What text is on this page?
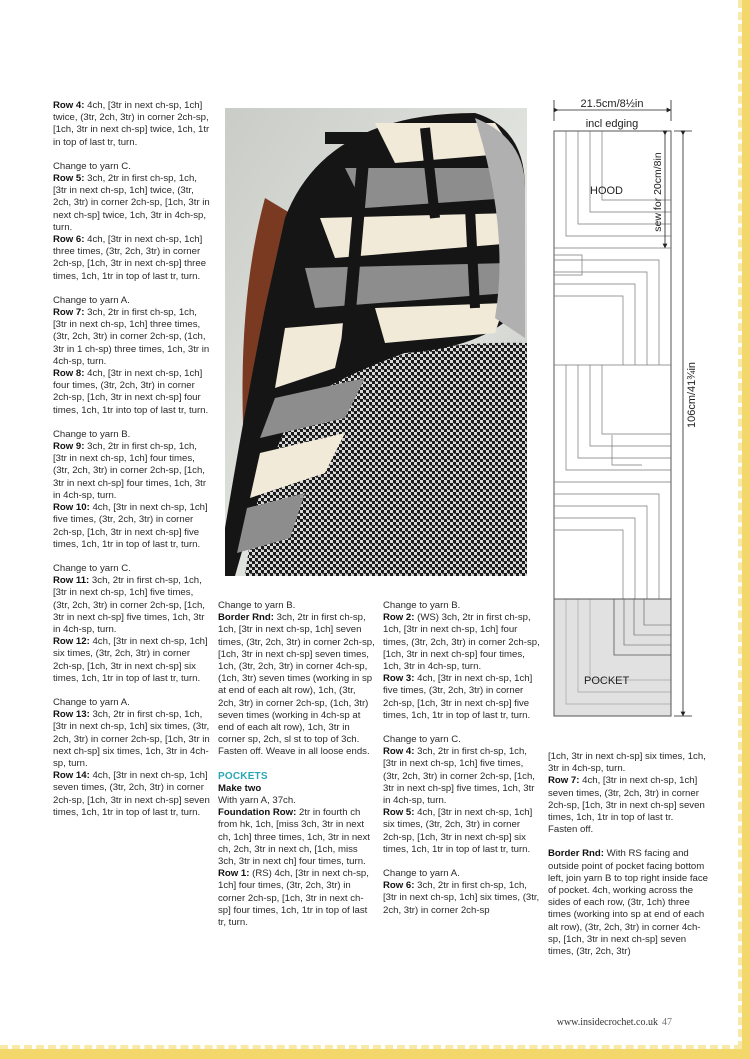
Row 4: 4ch, [3tr in next ch-sp, 1ch] twice, (3tr, 2ch, 3tr) in corner 2ch-sp, [1ch, 3tr in next ch-sp] twice, 1ch, 1tr in top of last tr, turn.

Change to yarn C.
Row 5: 3ch, 2tr in first ch-sp, 1ch, [3tr in next ch-sp, 1ch] twice, (3tr, 2ch, 3tr) in corner 2ch-sp, [1ch, 3tr in next ch-sp] twice, 1ch, 3tr in 4ch-sp, turn.
Row 6: 4ch, [3tr in next ch-sp, 1ch] three times, (3tr, 2ch, 3tr) in corner 2ch-sp, [1ch, 3tr in next ch-sp] three times, 1ch, 1tr in top of last tr, turn.

Change to yarn A.
Row 7: 3ch, 2tr in first ch-sp, 1ch, [3tr in next ch-sp, 1ch] three times, (3tr, 2ch, 3tr) in corner 2ch-sp, (1ch, 3tr in 1 ch-sp) three times, 1ch, 3tr in 4ch-sp, turn.
Row 8: 4ch, [3tr in next ch-sp, 1ch] four times, (3tr, 2ch, 3tr) in corner 2ch-sp, [1ch, 3tr in next ch-sp] four times, 1ch, 1tr into top of last tr, turn.

Change to yarn B.
Row 9: 3ch, 2tr in first ch-sp, 1ch, [3tr in next ch-sp, 1ch] four times, (3tr, 2ch, 3tr) in corner 2ch-sp, [1ch, 3tr in next ch-sp] four times, 1ch, 3tr in 4ch-sp, turn.
Row 10: 4ch, [3tr in next ch-sp, 1ch] five times, (3tr, 2ch, 3tr) in corner 2ch-sp, [1ch, 3tr in next ch-sp] five times, 1ch, 1tr in top of last tr, turn.

Change to yarn C.
Row 11: 3ch, 2tr in first ch-sp, 1ch, [3tr in next ch-sp, 1ch] five times, (3tr, 2ch, 3tr) in corner 2ch-sp, [1ch, 3tr in next ch-sp] five times, 1ch, 3tr in 4ch-sp, turn.
Row 12: 4ch, [3tr in next ch-sp, 1ch] six times, (3tr, 2ch, 3tr) in corner 2ch-sp, [1ch, 3tr in next ch-sp] six times, 1ch, 1tr in top of last tr, turn.

Change to yarn A.
Row 13: 3ch, 2tr in first ch-sp, 1ch, [3tr in next ch-sp, 1ch] six times, (3tr, 2ch, 3tr) in corner 2ch-sp, [1ch, 3tr in next ch-sp] six times, 1ch, 3tr in 4ch-sp, turn.
Row 14: 4ch, [3tr in next ch-sp, 1ch] seven times, (3tr, 2ch, 3tr) in corner 2ch-sp, [1ch, 3tr in next ch-sp] seven times, 1ch, 1tr in top of last tr, turn.

Change to yarn B.
Border Rnd: 3ch, 2tr in first ch-sp, 1ch, [3tr in next ch-sp, 1ch] seven times, (3tr, 2ch, 3tr) in corner 2ch-sp, [1ch, 3tr in next ch-sp] seven times, 1ch, (3tr, 2ch, 3tr) in corner 4ch-sp, (1ch, 3tr) seven times (working in sp at end of each alt row), 1ch, (3tr, 2ch, 3tr) in corner 2ch-sp, (1ch, 3tr) seven times (working in 4ch-sp at end of each alt row), 1ch, 3tr in corner sp, 2ch, sl st to top of 3ch.
Fasten off. Weave in all loose ends.

POCKETS
Make two
With yarn A, 37ch.
Foundation Row: 2tr in fourth ch from hk, 1ch, [miss 3ch, 3tr in next ch, 1ch] three times, 1ch, 3tr in next ch, 2ch, 3tr in next ch, [1ch, miss 3ch, 3tr in next ch] four times, turn.
Row 1: (RS) 4ch, [3tr in next ch-sp, 1ch] four times, (3tr, 2ch, 3tr) in corner 2ch-sp, [1ch, 3tr in next ch-sp] four times, 1ch, 1tr in top of last tr, turn.

Change to yarn B.
Row 2: (WS) 3ch, 2tr in first ch-sp, 1ch, [3tr in next ch-sp, 1ch] four times, (3tr, 2ch, 3tr) in corner 2ch-sp, [1ch, 3tr in next ch-sp] four times, 1ch, 3tr in 4ch-sp, turn.
Row 3: 4ch, [3tr in next ch-sp, 1ch] five times, (3tr, 2ch, 3tr) in corner 2ch-sp, [1ch, 3tr in next ch-sp] five times, 1ch, 1tr in top of last tr, turn.

Change to yarn C.
Row 4: 3ch, 2tr in first ch-sp, 1ch, [3tr in next ch-sp, 1ch] five times, (3tr, 2ch, 3tr) in corner 2ch-sp, [1ch, 3tr in next ch-sp] five times, 1ch, 3tr in 4ch-sp, turn.
Row 5: 4ch, [3tr in next ch-sp, 1ch] six times, (3tr, 2ch, 3tr) in corner 2ch-sp, [1ch, 3tr in next ch-sp] six times, 1ch, 1tr in top of last tr, turn.

Change to yarn A.
Row 6: 3ch, 2tr in first ch-sp, 1ch, [3tr in next ch-sp, 1ch] six times, (3tr, 2ch, 3tr) in corner 2ch-sp

[1ch, 3tr in next ch-sp] six times, 1ch, 3tr in 4ch-sp, turn.
Row 7: 4ch, [3tr in next ch-sp, 1ch] seven times, (3tr, 2ch, 3tr) in corner 2ch-sp, [1ch, 3tr in next ch-sp] seven times, 1ch, 1tr in top of last tr.
Fasten off.

Border Rnd: With RS facing and outside point of pocket facing bottom left, join yarn B to top right inside face of pocket. 4ch, working across the sides of each row, (3tr, 1ch) three times (working into sp at end of each alt row), (3tr, 2ch, 3tr) in corner 4ch-sp, [1ch, 3tr in next ch-sp] seven times, (3tr, 2ch, 3tr)

21.5cm/8½in
incl edging
HOOD
POCKET
sew for 20cm/8in
106cm/41¾in
www.insidecrochet.co.uk 47
